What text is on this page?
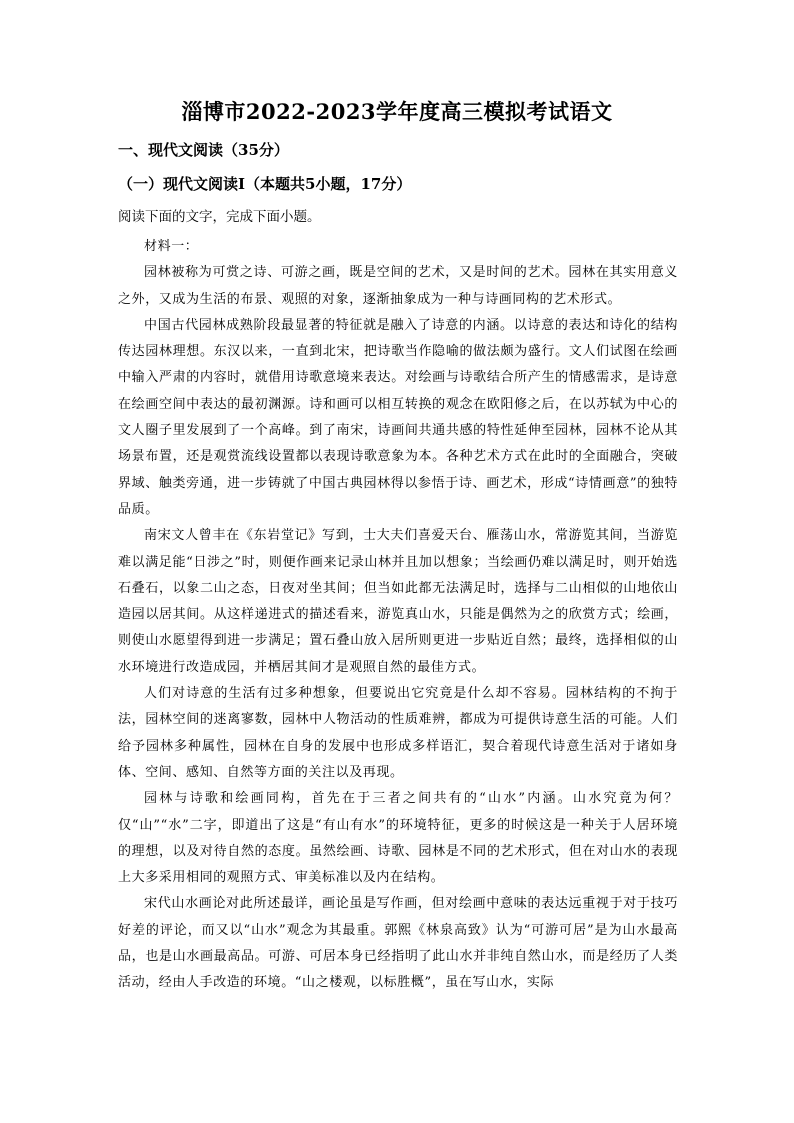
淄博市2022-2023学年度高三模拟考试语文
一、现代文阅读（35分）
（一）现代文阅读Ⅰ（本题共5小题，17分）
阅读下面的文字，完成下面小题。

材料一：

园林被称为可赏之诗、可游之画，既是空间的艺术，又是时间的艺术。园林在其实用意义之外，又成为生活的布景、观照的对象，逐渐抽象成为一种与诗画同构的艺术形式。

中国古代园林成熟阶段最显著的特征就是融入了诗意的内涵。以诗意的表达和诗化的结构传达园林理想。东汉以来，一直到北宋，把诗歌当作隐喻的做法颇为盛行。文人们试图在绘画中输入严肃的内容时，就借用诗歌意境来表达。对绘画与诗歌结合所产生的情感需求，是诗意在绘画空间中表达的最初渊源。诗和画可以相互转换的观念在欧阳修之后，在以苏轼为中心的文人圈子里发展到了一个高峰。到了南宋，诗画间共通共感的特性延伸至园林，园林不论从其场景布置，还是观赏流线设置都以表现诗歌意象为本。各种艺术方式在此时的全面融合，突破界域、触类旁通，进一步铸就了中国古典园林得以参悟于诗、画艺术，形成“诗情画意”的独特品质。

南宋文人曾丰在《东岩堂记》写到，士大夫们喜爱天台、雁荡山水，常游览其间，当游览难以满足能“日涉之”时，则便作画来记录山林并且加以想象；当绘画仍难以满足时，则开始选石叠石，以象二山之态，日夜对坐其间；但当如此都无法满足时，选择与二山相似的山地依山造园以居其间。从这样递进式的描述看来，游览真山水，只能是偶然为之的欣赏方式；绘画，则使山水愿望得到进一步满足；置石叠山放入居所则更进一步贴近自然；最终，选择相似的山水环境进行改造成园，并栖居其间才是观照自然的最佳方式。

人们对诗意的生活有过多种想象，但要说出它究竟是什么却不容易。园林结构的不拘于法，园林空间的迷离寥数，园林中人物活动的性质难辨，都成为可提供诗意生活的可能。人们给予园林多种属性，园林在自身的发展中也形成多样语汇，契合着现代诗意生活对于诸如身体、空间、感知、自然等方面的关注以及再现。

园林与诗歌和绘画同构，首先在于三者之间共有的“山水”内涵。山水究竟为何？仅“山”“水”二字，即道出了这是“有山有水”的环境特征，更多的时候这是一种关于人居环境的理想，以及对待自然的态度。虽然绘画、诗歌、园林是不同的艺术形式，但在对山水的表现上大多采用相同的观照方式、审美标准以及内在结构。

宋代山水画论对此所述最详，画论虽是写作画，但对绘画中意味的表达远重视于对于技巧好差的评论，而又以“山水”观念为其最重。郭熙《林泉高致》认为“可游可居”是为山水最高品，也是山水画最高品。可游、可居本身已经指明了此山水并非纯自然山水，而是经历了人类活动，经由人手改造的环境。“山之楼观，以标胜概”，虽在写山水，实际
